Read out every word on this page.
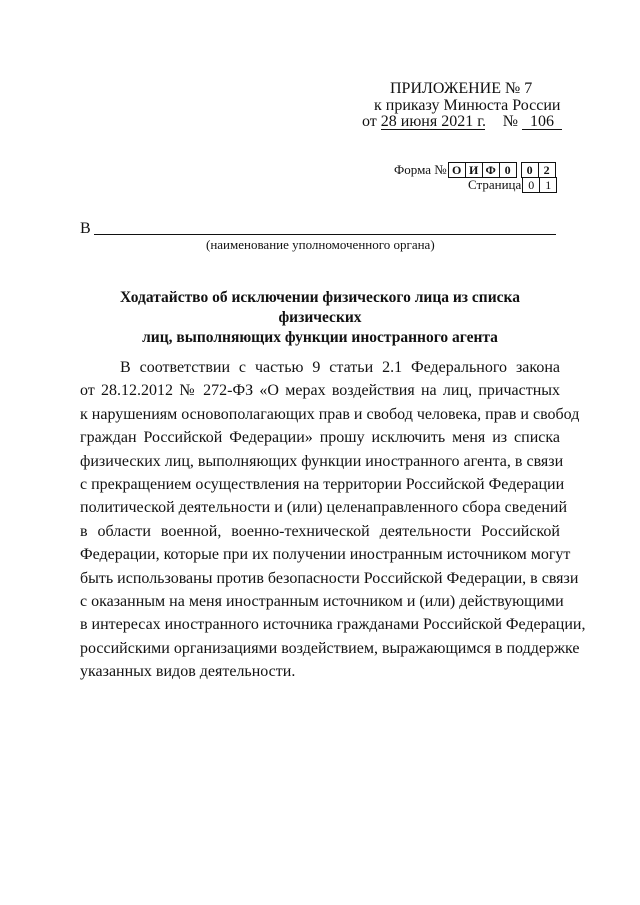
ПРИЛОЖЕНИЕ № 7
к приказу Минюста России
от 28 июня 2021 г. № 106
Форма № О И Ф 0	0 2
Страница 0 1
В
(наименование уполномоченного органа)
Ходатайство об исключении физического лица из списка физических
лиц, выполняющих функции иностранного агента
В соответствии с частью 9 статьи 2.1 Федерального закона
от 28.12.2012 № 272-ФЗ «О мерах воздействия на лиц, причастных
к нарушениям основополагающих прав и свобод человека, прав и свобод
граждан Российской Федерации» прошу исключить меня из списка
физических лиц, выполняющих функции иностранного агента, в связи
с прекращением осуществления на территории Российской Федерации
политической деятельности и (или) целенаправленного сбора сведений
в области военной, военно-технической деятельности Российской
Федерации, которые при их получении иностранным источником могут
быть использованы против безопасности Российской Федерации, в связи
с оказанным на меня иностранным источником и (или) действующими
в интересах иностранного источника гражданами Российской Федерации,
российскими организациями воздействием, выражающимся в поддержке
указанных видов деятельности.
